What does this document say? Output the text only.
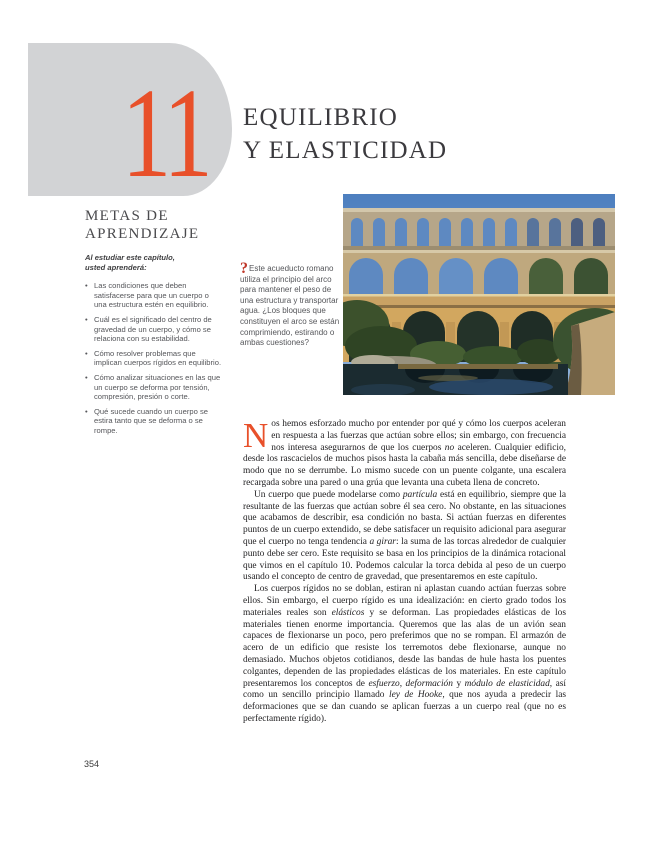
11 EQUILIBRIO
Y ELASTICIDAD
METAS DE
APRENDIZAJE
Al estudiar este capítulo,
usted aprenderá:
• Las condiciones que deben satisfacerse para que un cuerpo o una estructura estén en equilibrio.
• Cuál es el significado del centro de gravedad de un cuerpo, y cómo se relaciona con su estabilidad.
• Cómo resolver problemas que implican cuerpos rígidos en equilibrio.
• Cómo analizar situaciones en las que un cuerpo se deforma por tensión, compresión, presión o corte.
• Qué sucede cuando un cuerpo se estira tanto que se deforma o se rompe.
?Este acueducto romano utiliza el principio del arco para mantener el peso de una estructura y transportar agua. ¿Los bloques que constituyen el arco se están comprimiendo, estirando o ambas cuestiones?

Nos hemos esforzado mucho por entender por qué y cómo los cuerpos aceleran en respuesta a las fuerzas que actúan sobre ellos; sin embargo, con frecuencia nos interesa asegurarnos de que los cuerpos no aceleren. Cualquier edificio, desde los rascacielos de muchos pisos hasta la cabaña más sencilla, debe diseñarse de modo que no se derrumbe. Lo mismo sucede con un puente colgante, una escalera recargada sobre una pared o una grúa que levanta una cubeta llena de concreto.

Un cuerpo que puede modelarse como partícula está en equilibrio, siempre que la resultante de las fuerzas que actúan sobre él sea cero. No obstante, en las situaciones que acabamos de describir, esa condición no basta. Si actúan fuerzas en diferentes puntos de un cuerpo extendido, se debe satisfacer un requisito adicional para asegurar que el cuerpo no tenga tendencia a girar: la suma de las torcas alrededor de cualquier punto debe ser cero. Este requisito se basa en los principios de la dinámica rotacional que vimos en el capítulo 10. Podemos calcular la torca debida al peso de un cuerpo usando el concepto de centro de gravedad, que presentaremos en este capítulo.

Los cuerpos rígidos no se doblan, estiran ni aplastan cuando actúan fuerzas sobre ellos. Sin embargo, el cuerpo rígido es una idealización: en cierto grado todos los materiales reales son elásticos y se deforman. Las propiedades elásticas de los materiales tienen enorme importancia. Queremos que las alas de un avión sean capaces de flexionarse un poco, pero preferimos que no se rompan. El armazón de acero de un edificio que resiste los terremotos debe flexionarse, aunque no demasiado. Muchos objetos cotidianos, desde las bandas de hule hasta los puentes colgantes, dependen de las propiedades elásticas de los materiales. En este capítulo presentaremos los conceptos de esfuerzo, deformación y módulo de elasticidad, así como un sencillo principio llamado ley de Hooke, que nos ayuda a predecir las deformaciones que se dan cuando se aplican fuerzas a un cuerpo real (que no es perfectamente rígido).

354
